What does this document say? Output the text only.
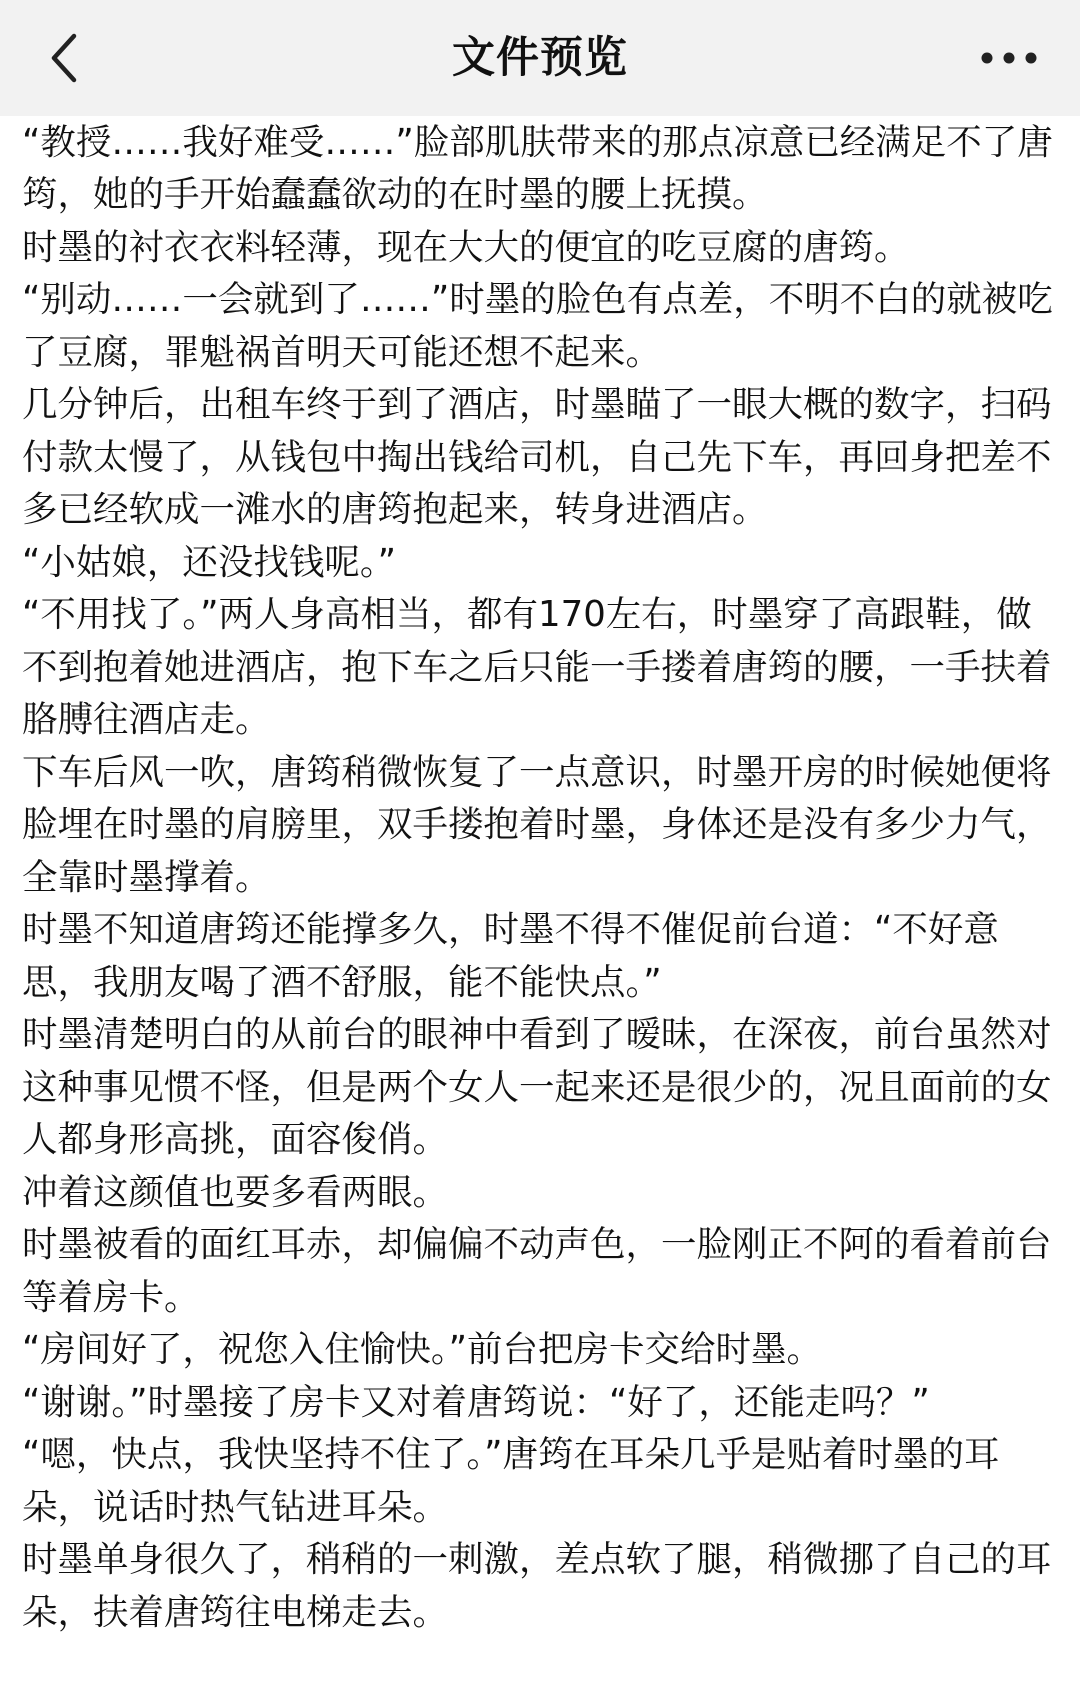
文件预览

“教授……我好难受……”脸部肌肤带来的那点凉意已经满足不了唐筠，她的手开始蠢蠢欲动的在时墨的腰上抚摸。

时墨的衬衣衣料轻薄，现在大大的便宜的吃豆腐的唐筠。

“别动……一会就到了……”时墨的脸色有点差，不明不白的就被吃了豆腐，罪魁祸首明天可能还想不起来。

几分钟后，出租车终于到了酒店，时墨瞄了一眼大概的数字，扫码付款太慢了，从钱包中掏出钱给司机，自己先下车，再回身把差不多已经软成一滩水的唐筠抱起来，转身进酒店。

“小姑娘，还没找钱呢。”

“不用找了。”两人身高相当，都有170左右，时墨穿了高跟鞋，做不到抱着她进酒店，抱下车之后只能一手搂着唐筠的腰，一手扶着胳膊往酒店走。

下车后风一吹，唐筠稍微恢复了一点意识，时墨开房的时候她便将脸埋在时墨的肩膀里，双手搂抱着时墨，身体还是没有多少力气，全靠时墨撑着。

时墨不知道唐筠还能撑多久，时墨不得不催促前台道：“不好意思，我朋友喝了酒不舒服，能不能快点。”

时墨清楚明白的从前台的眼神中看到了暧昧，在深夜，前台虽然对这种事见惯不怪，但是两个女人一起来还是很少的，况且面前的女人都身形高挑，面容俊俏。

冲着这颜值也要多看两眼。

时墨被看的面红耳赤，却偏偏不动声色，一脸刚正不阿的看着前台等着房卡。

“房间好了，祝您入住愉快。”前台把房卡交给时墨。

“谢谢。”时墨接了房卡又对着唐筠说：“好了，还能走吗？”

“嗯，快点，我快坚持不住了。”唐筠在耳朵几乎是贴着时墨的耳朵，说话时热气钻进耳朵。

时墨单身很久了，稍稍的一刺激，差点软了腿，稍微挪了自己的耳朵，扶着唐筠往电梯走去。
